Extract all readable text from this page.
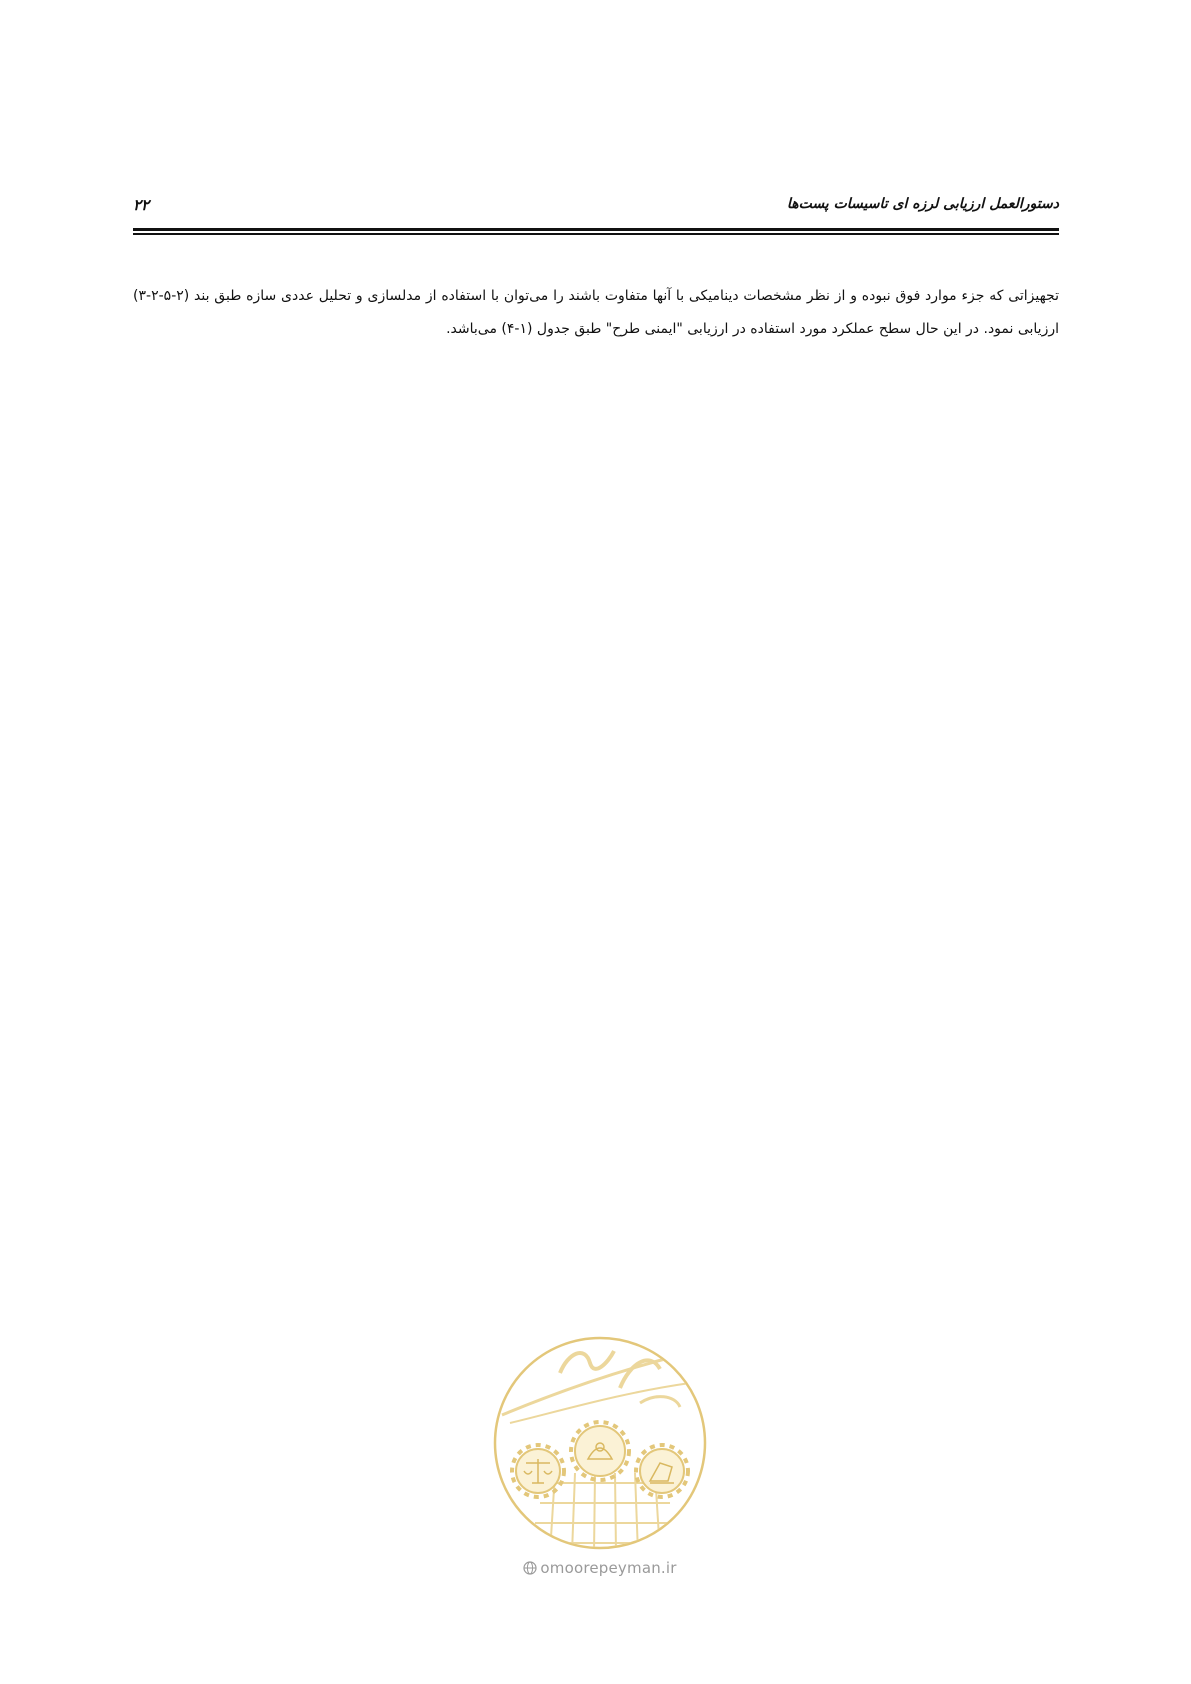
۲۲	دستورالعمل ارزیابی لرزه ای تاسیسات پست‌ها

تجهیزاتی که جزء موارد فوق نبوده و از نظر مشخصات دینامیکی با آنها متفاوت باشند را می‌توان با استفاده از مدلسازی و تحلیل عددی سازه طبق بند (۲-۵-۲-۳) ارزیابی نمود. در این حال سطح عملکرد مورد استفاده در ارزیابی "ایمنی طرح" طبق جدول (۱-۴) می‌باشد.

omoorepeyman.ir
